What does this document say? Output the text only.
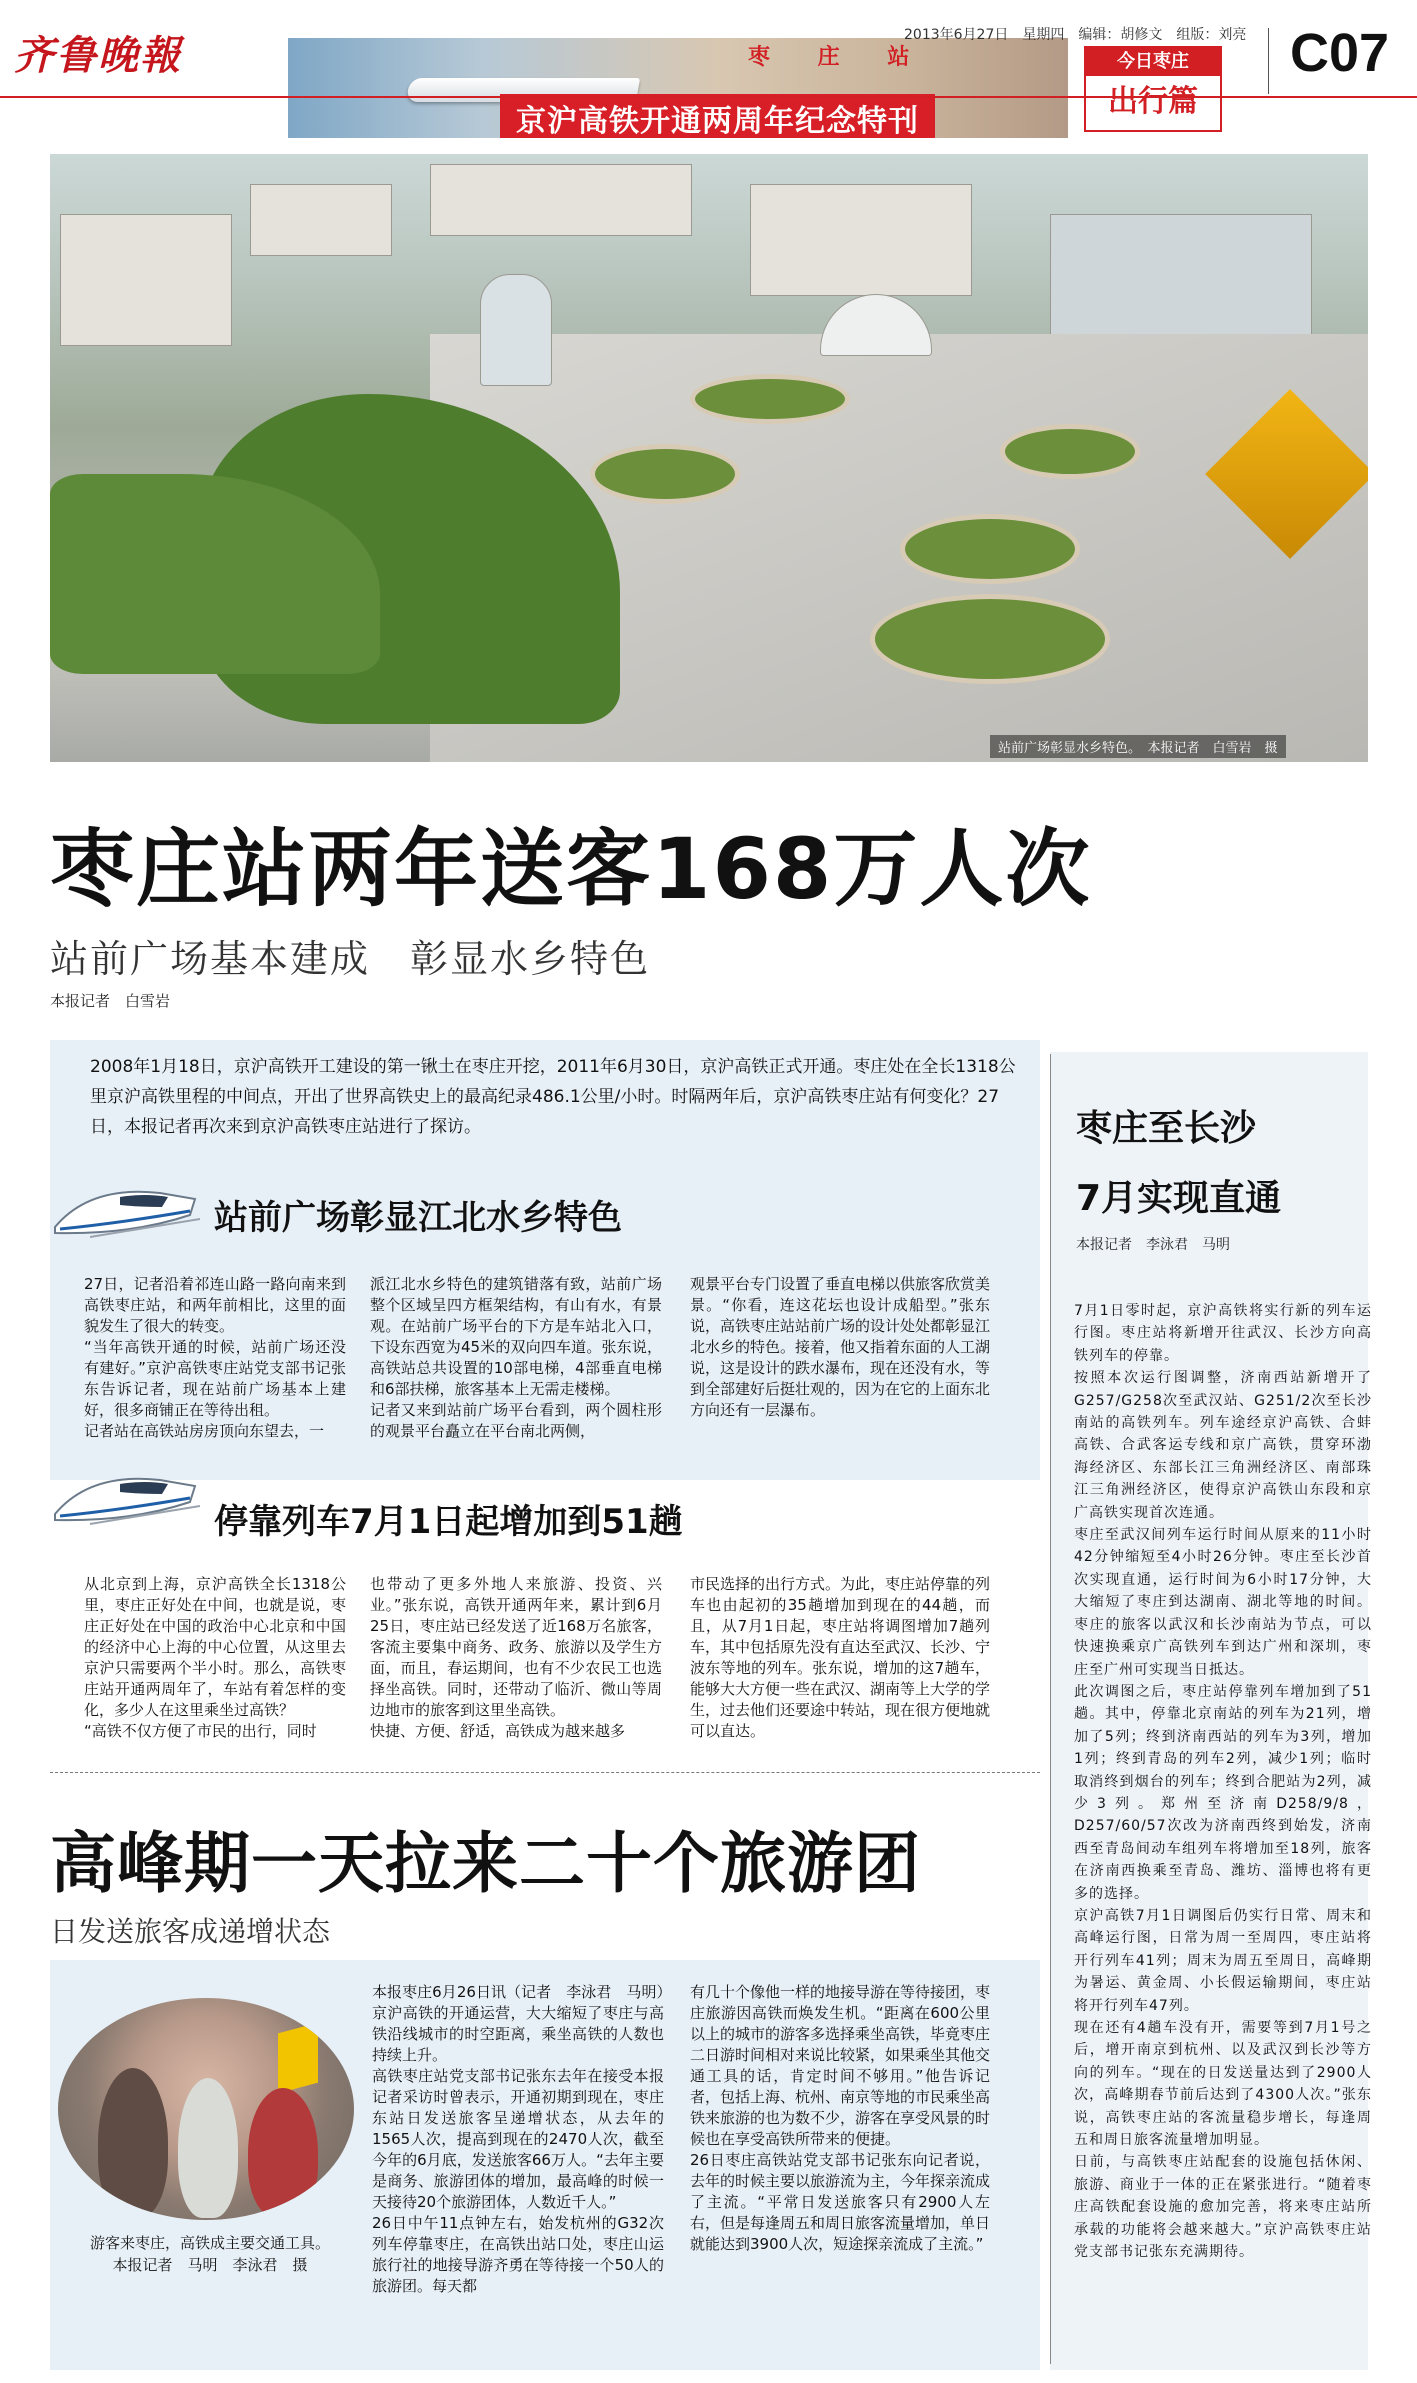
齐鲁晚報	枣 庄 站
京沪高铁开通两周年纪念特刊
2013年6月27日　星期四　编辑：胡修文　组版：刘亮
今日枣庄
出行篇
C07
站前广场彰显水乡特色。　本报记者　白雪岩　摄
枣庄站两年送客168万人次
站前广场基本建成　彰显水乡特色
本报记者　白雪岩
2008年1月18日，京沪高铁开工建设的第一锹土在枣庄开挖，2011年6月30日，京沪高铁正式开通。枣庄处在全长1318公里京沪高铁里程的中间点，开出了世界高铁史上的最高纪录486.1公里/小时。时隔两年后，京沪高铁枣庄站有何变化？27日，本报记者再次来到京沪高铁枣庄站进行了探访。
站前广场彰显江北水乡特色
27日，记者沿着祁连山路一路向南来到高铁枣庄站，和两年前相比，这里的面貌发生了很大的转变。
“当年高铁开通的时候，站前广场还没有建好。”京沪高铁枣庄站党支部书记张东告诉记者，现在站前广场基本上建好，很多商铺正在等待出租。
记者站在高铁站房房顶向东望去，一
派江北水乡特色的建筑错落有致，站前广场整个区域呈四方框架结构，有山有水，有景观。在站前广场平台的下方是车站北入口，下设东西宽为45米的双向四车道。张东说，高铁站总共设置的10部电梯，4部垂直电梯和6部扶梯，旅客基本上无需走楼梯。
记者又来到站前广场平台看到，两个圆柱形的观景平台矗立在平台南北两侧，
观景平台专门设置了垂直电梯以供旅客欣赏美景。“你看，连这花坛也设计成船型。”张东说，高铁枣庄站站前广场的设计处处都彰显江北水乡的特色。接着，他又指着东面的人工湖说，这是设计的跌水瀑布，现在还没有水，等到全部建好后挺壮观的，因为在它的上面东北方向还有一层瀑布。
停靠列车7月1日起增加到51趟
从北京到上海，京沪高铁全长1318公里，枣庄正好处在中间，也就是说，枣庄正好处在中国的政治中心北京和中国的经济中心上海的中心位置，从这里去京沪只需要两个半小时。那么，高铁枣庄站开通两周年了，车站有着怎样的变化，多少人在这里乘坐过高铁？
“高铁不仅方便了市民的出行，同时
也带动了更多外地人来旅游、投资、兴业。”张东说，高铁开通两年来，累计到6月25日，枣庄站已经发送了近168万名旅客，客流主要集中商务、政务、旅游以及学生方面，而且，春运期间，也有不少农民工也选择坐高铁。同时，还带动了临沂、微山等周边地市的旅客到这里坐高铁。
快捷、方便、舒适，高铁成为越来越多
市民选择的出行方式。为此，枣庄站停靠的列车也由起初的35趟增加到现在的44趟，而且，从7月1日起，枣庄站将调图增加7趟列车，其中包括原先没有直达至武汉、长沙、宁波东等地的列车。张东说，增加的这7趟车，能够大大方便一些在武汉、湖南等上大学的学生，过去他们还要途中转站，现在很方便地就可以直达。
高峰期一天拉来二十个旅游团
日发送旅客成递增状态
游客来枣庄，高铁成主要交通工具。
本报记者　马明　李泳君　摄
本报枣庄6月26日讯（记者　李泳君　马明）京沪高铁的开通运营，大大缩短了枣庄与高铁沿线城市的时空距离，乘坐高铁的人数也持续上升。
高铁枣庄站党支部书记张东去年在接受本报记者采访时曾表示，开通初期到现在，枣庄东站日发送旅客呈递增状态，从去年的1565人次，提高到现在的2470人次，截至今年的6月底，发送旅客66万人。“去年主要是商务、旅游团体的增加，最高峰的时候一天接待20个旅游团体，人数近千人。”
26日中午11点钟左右，始发杭州的G32次列车停靠枣庄，在高铁出站口处，枣庄山运旅行社的地接导游齐勇在等待接一个50人的旅游团。每天都
有几十个像他一样的地接导游在等待接团，枣庄旅游因高铁而焕发生机。“距离在600公里以上的城市的游客多选择乘坐高铁，毕竟枣庄二日游时间相对来说比较紧，如果乘坐其他交通工具的话，肯定时间不够用。”他告诉记者，包括上海、杭州、南京等地的市民乘坐高铁来旅游的也为数不少，游客在享受风景的时候也在享受高铁所带来的便捷。
26日枣庄高铁站党支部书记张东向记者说，去年的时候主要以旅游流为主，今年探亲流成了主流。“平常日发送旅客只有2900人左右，但是每逢周五和周日旅客流量增加，单日就能达到3900人次，短途探亲流成了主流。”
枣庄至长沙
7月实现直通
本报记者　李泳君　马明
7月1日零时起，京沪高铁将实行新的列车运行图。枣庄站将新增开往武汉、长沙方向高铁列车的停靠。
按照本次运行图调整，济南西站新增开了G257/G258次至武汉站、G251/2次至长沙南站的高铁列车。列车途经京沪高铁、合蚌高铁、合武客运专线和京广高铁，贯穿环渤海经济区、东部长江三角洲经济区、南部珠江三角洲经济区，使得京沪高铁山东段和京广高铁实现首次连通。
枣庄至武汉间列车运行时间从原来的11小时42分钟缩短至4小时26分钟。枣庄至长沙首次实现直通，运行时间为6小时17分钟，大大缩短了枣庄到达湖南、湖北等地的时间。枣庄的旅客以武汉和长沙南站为节点，可以快速换乘京广高铁列车到达广州和深圳，枣庄至广州可实现当日抵达。
此次调图之后，枣庄站停靠列车增加到了51趟。其中，停靠北京南站的列车为21列，增加了5列；终到济南西站的列车为3列，增加1列；终到青岛的列车2列，减少1列；临时取消终到烟台的列车；终到合肥站为2列，减少3列。郑州至济南D258/9/8，D257/60/57次改为济南西终到始发，济南西至青岛间动车组列车将增加至18列，旅客在济南西换乘至青岛、潍坊、淄博也将有更多的选择。
京沪高铁7月1日调图后仍实行日常、周末和高峰运行图，日常为周一至周四，枣庄站将开行列车41列；周末为周五至周日，高峰期为暑运、黄金周、小长假运输期间，枣庄站将开行列车47列。
现在还有4趟车没有开，需要等到7月1号之后，增开南京到杭州、以及武汉到长沙等方向的列车。“现在的日发送量达到了2900人次，高峰期春节前后达到了4300人次。”张东说，高铁枣庄站的客流量稳步增长，每逢周五和周日旅客流量增加明显。
日前，与高铁枣庄站配套的设施包括休闲、旅游、商业于一体的正在紧张进行。“随着枣庄高铁配套设施的愈加完善，将来枣庄站所承载的功能将会越来越大。”京沪高铁枣庄站党支部书记张东充满期待。
